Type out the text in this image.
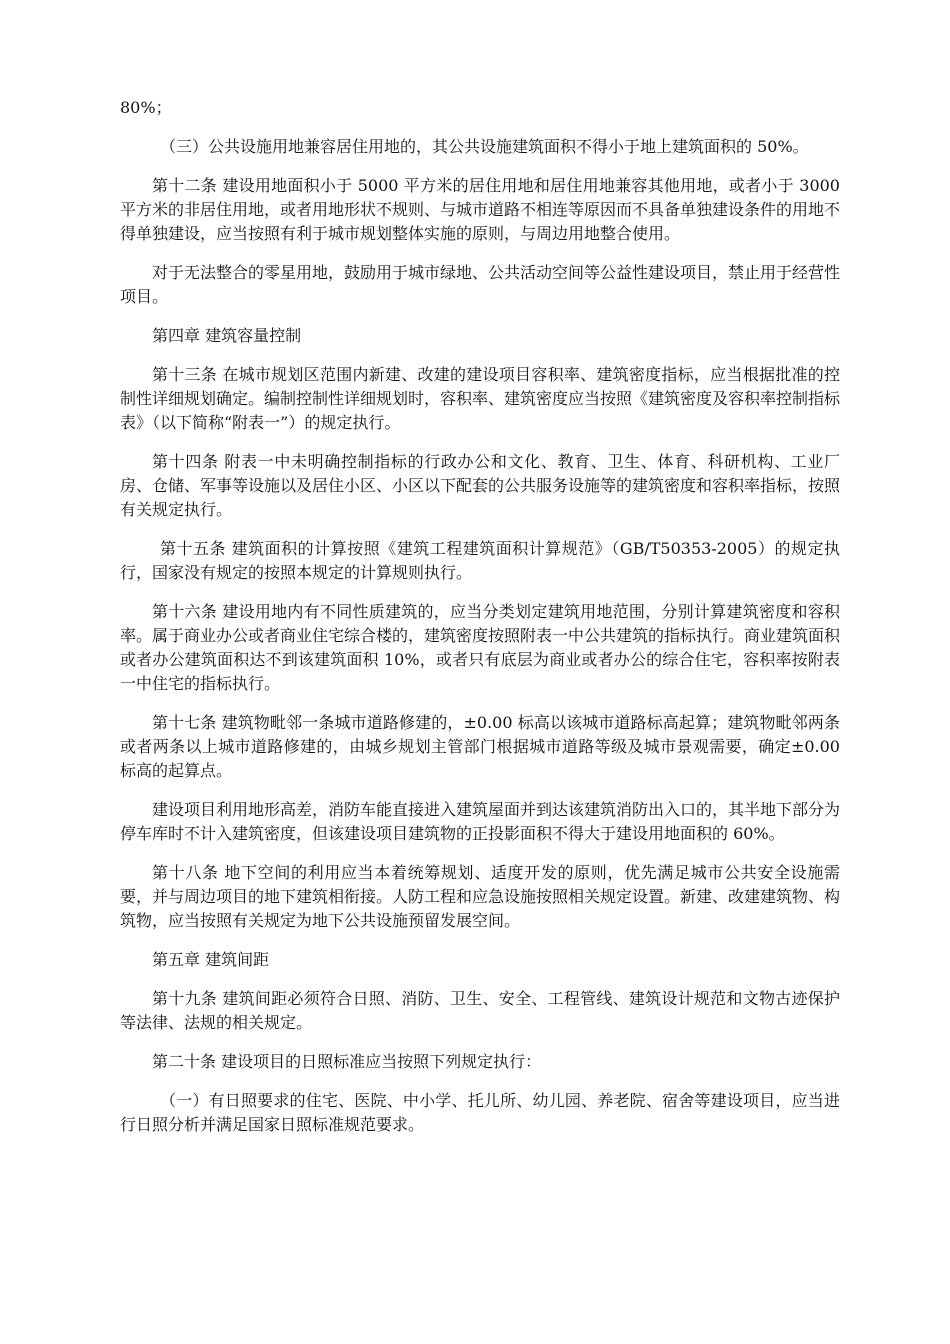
80%；

（三）公共设施用地兼容居住用地的，其公共设施建筑面积不得小于地上建筑面积的 50%。

第十二条 建设用地面积小于 5000 平方米的居住用地和居住用地兼容其他用地，或者小于 3000 平方米的非居住用地，或者用地形状不规则、与城市道路不相连等原因而不具备单独建设条件的用地不得单独建设，应当按照有利于城市规划整体实施的原则，与周边用地整合使用。

对于无法整合的零星用地，鼓励用于城市绿地、公共活动空间等公益性建设项目，禁止用于经营性项目。

第四章 建筑容量控制

第十三条 在城市规划区范围内新建、改建的建设项目容积率、建筑密度指标，应当根据批准的控制性详细规划确定。编制控制性详细规划时，容积率、建筑密度应当按照《建筑密度及容积率控制指标表》（以下简称“附表一”）的规定执行。

第十四条 附表一中未明确控制指标的行政办公和文化、教育、卫生、体育、科研机构、工业厂房、仓储、军事等设施以及居住小区、小区以下配套的公共服务设施等的建筑密度和容积率指标，按照有关规定执行。

第十五条 建筑面积的计算按照《建筑工程建筑面积计算规范》（GB/T50353-2005）的规定执行，国家没有规定的按照本规定的计算规则执行。

第十六条 建设用地内有不同性质建筑的，应当分类划定建筑用地范围，分别计算建筑密度和容积率。属于商业办公或者商业住宅综合楼的，建筑密度按照附表一中公共建筑的指标执行。商业建筑面积或者办公建筑面积达不到该建筑面积 10%，或者只有底层为商业或者办公的综合住宅，容积率按附表一中住宅的指标执行。

第十七条 建筑物毗邻一条城市道路修建的，±0.00 标高以该城市道路标高起算；建筑物毗邻两条或者两条以上城市道路修建的，由城乡规划主管部门根据城市道路等级及城市景观需要，确定±0.00 标高的起算点。

建设项目利用地形高差，消防车能直接进入建筑屋面并到达该建筑消防出入口的，其半地下部分为停车库时不计入建筑密度，但该建设项目建筑物的正投影面积不得大于建设用地面积的 60%。

第十八条 地下空间的利用应当本着统筹规划、适度开发的原则，优先满足城市公共安全设施需要，并与周边项目的地下建筑相衔接。人防工程和应急设施按照相关规定设置。新建、改建建筑物、构筑物，应当按照有关规定为地下公共设施预留发展空间。

第五章 建筑间距

第十九条 建筑间距必须符合日照、消防、卫生、安全、工程管线、建筑设计规范和文物古迹保护等法律、法规的相关规定。

第二十条 建设项目的日照标准应当按照下列规定执行：

（一）有日照要求的住宅、医院、中小学、托儿所、幼儿园、养老院、宿舍等建设项目，应当进行日照分析并满足国家日照标准规范要求。
